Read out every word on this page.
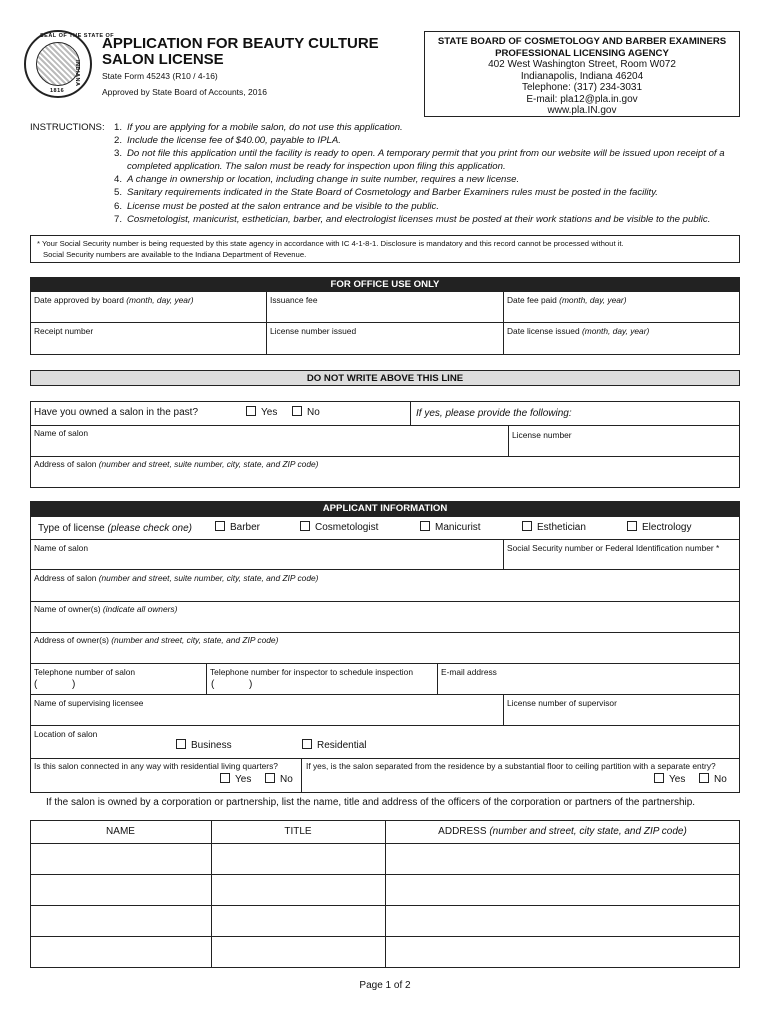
SEAL OF THE STATE OF
1816
INDIANA
APPLICATION FOR BEAUTY CULTURE
SALON LICENSE
State Form 45243 (R10 / 4-16)
Approved by State Board of Accounts, 2016
STATE BOARD OF COSMETOLOGY AND BARBER EXAMINERS
PROFESSIONAL LICENSING AGENCY
402 West Washington Street, Room W072
Indianapolis, Indiana 46204
Telephone: (317) 234-3031
E-mail: pla12@pla.in.gov
www.pla.IN.gov
INSTRUCTIONS: 1. If you are applying for a mobile salon, do not use this application.
2. Include the license fee of $40.00, payable to IPLA.
3. Do not file this application until the facility is ready to open. A temporary permit that you print from our website will be issued upon receipt of a completed application. The salon must be ready for inspection upon filing this application.
4. A change in ownership or location, including change in suite number, requires a new license.
5. Sanitary requirements indicated in the State Board of Cosmetology and Barber Examiners rules must be posted in the facility.
6. License must be posted at the salon entrance and be visible to the public.
7. Cosmetologist, manicurist, esthetician, barber, and electrologist licenses must be posted at their work stations and be visible to the public.
* Your Social Security number is being requested by this state agency in accordance with IC 4-1-8-1. Disclosure is mandatory and this record cannot be processed without it.
Social Security numbers are available to the Indiana Department of Revenue.
FOR OFFICE USE ONLY
Date approved by board (month, day, year)	Issuance fee	Date fee paid (month, day, year)
Receipt number	License number issued	Date license issued (month, day, year)
DO NOT WRITE ABOVE THIS LINE
Have you owned a salon in the past?	Yes	No	If yes, please provide the following:
Name of salon	License number
Address of salon (number and street, suite number, city, state, and ZIP code)
APPLICANT INFORMATION
Type of license (please check one)	Barber	Cosmetologist	Manicurist	Esthetician	Electrology
Name of salon	Social Security number or Federal Identification number *
Address of salon (number and street, suite number, city, state, and ZIP code)
Name of owner(s) (indicate all owners)
Address of owner(s) (number and street, city, state, and ZIP code)
Telephone number of salon
(	)
Telephone number for inspector to schedule inspection
(	)
E-mail address
Name of supervising licensee	License number of supervisor
Location of salon
Business	Residential
Is this salon connected in any way with residential living quarters?
Yes	No
If yes, is the salon separated from the residence by a substantial floor to ceiling partition with a separate entry?
Yes	No
If the salon is owned by a corporation or partnership, list the name, title and address of the officers of the corporation or partners of the partnership.
NAME	TITLE	ADDRESS (number and street, city state, and ZIP code)
Page 1 of 2
